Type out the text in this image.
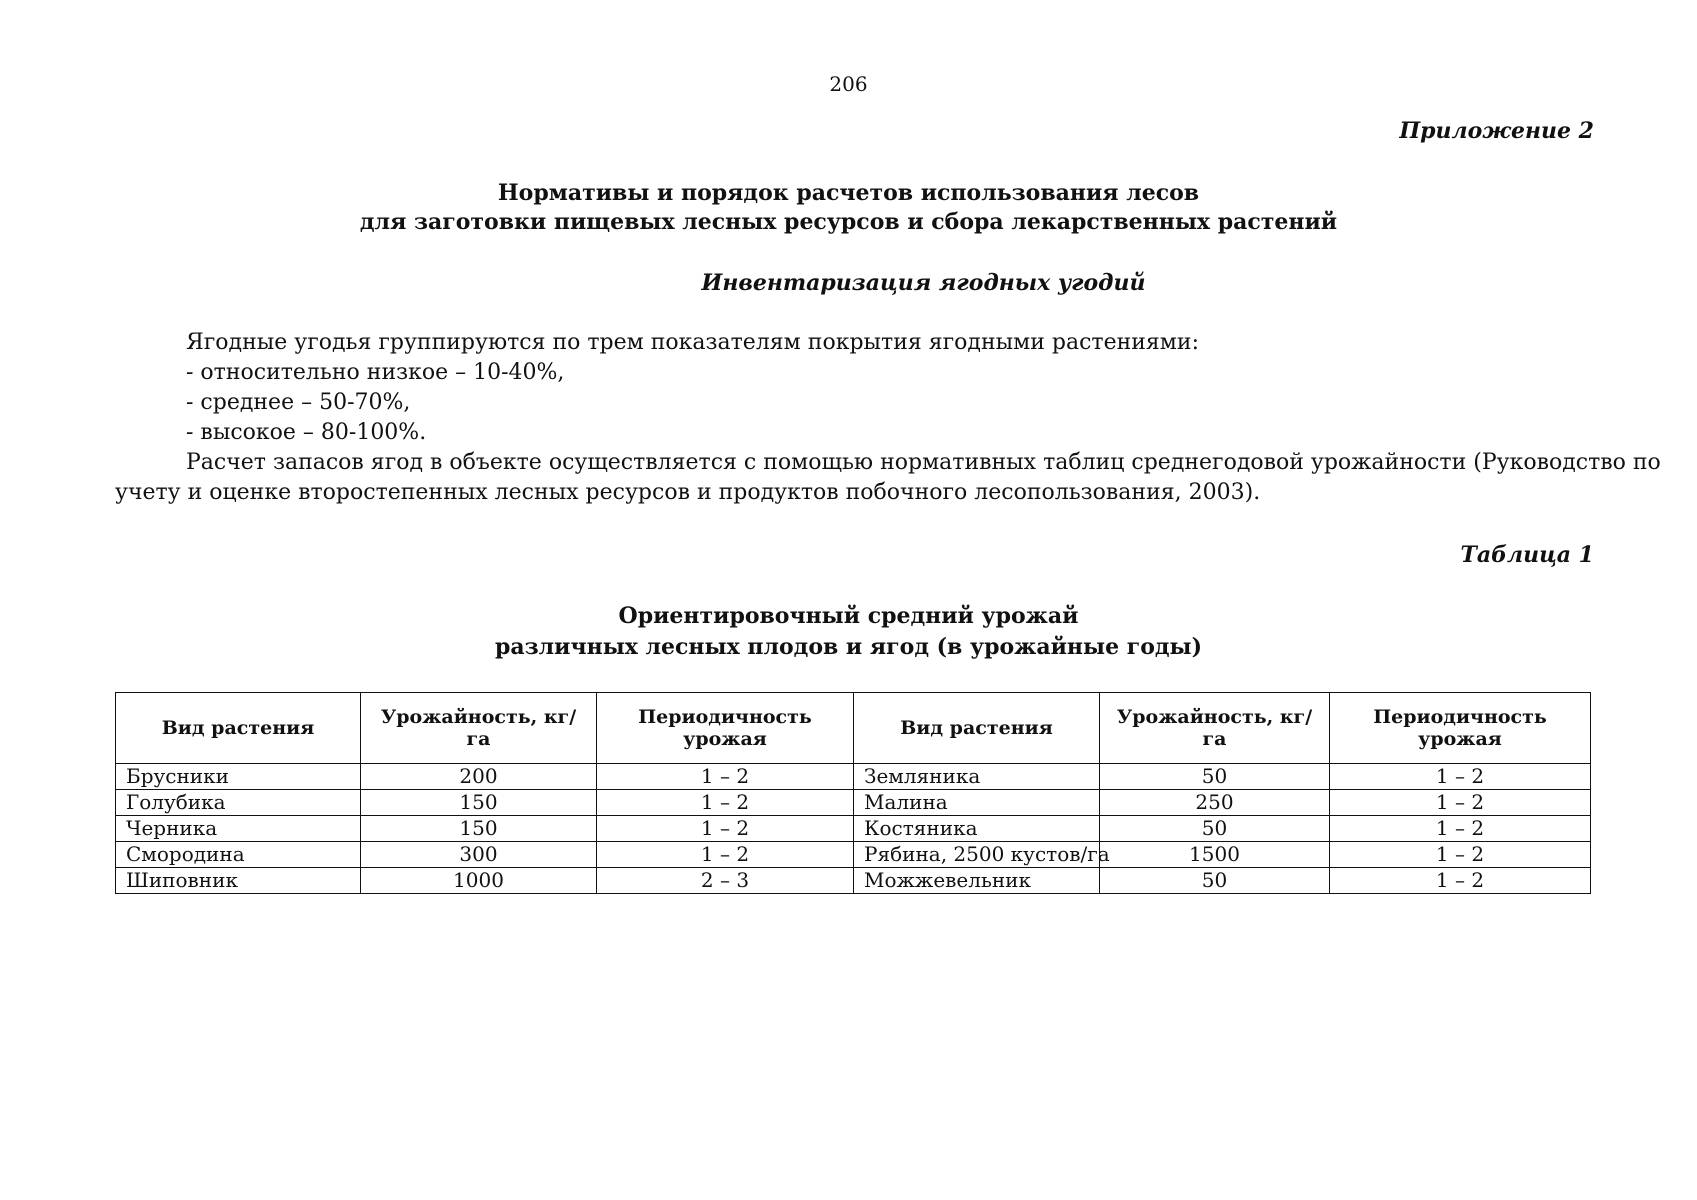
206
Приложение 2
Нормативы и порядок расчетов использования лесов
для заготовки пищевых лесных ресурсов и сбора лекарственных растений
Инвентаризация ягодных угодий
Ягодные угодья группируются по трем показателям покрытия ягодными растениями:
- относительно низкое – 10-40%,
- среднее – 50-70%,
- высокое – 80-100%.
Расчет запасов ягод в объекте осуществляется с помощью нормативных таблиц среднегодовой урожайности (Руководство по
учету и оценке второстепенных лесных ресурсов и продуктов побочного лесопользования, 2003).
Таблица 1
Ориентировочный средний урожай
различных лесных плодов и ягод (в урожайные годы)
Вид растения	Урожайность, кг/га	Периодичность урожая	Вид растения	Урожайность, кг/га	Периодичность урожая
Брусники	200	1 – 2	Земляника	50	1 – 2
Голубика	150	1 – 2	Малина	250	1 – 2
Черника	150	1 – 2	Костяника	50	1 – 2
Смородина	300	1 – 2	Рябина, 2500 кустов/га	1500	1 – 2
Шиповник	1000	2 – 3	Можжевельник	50	1 – 2
